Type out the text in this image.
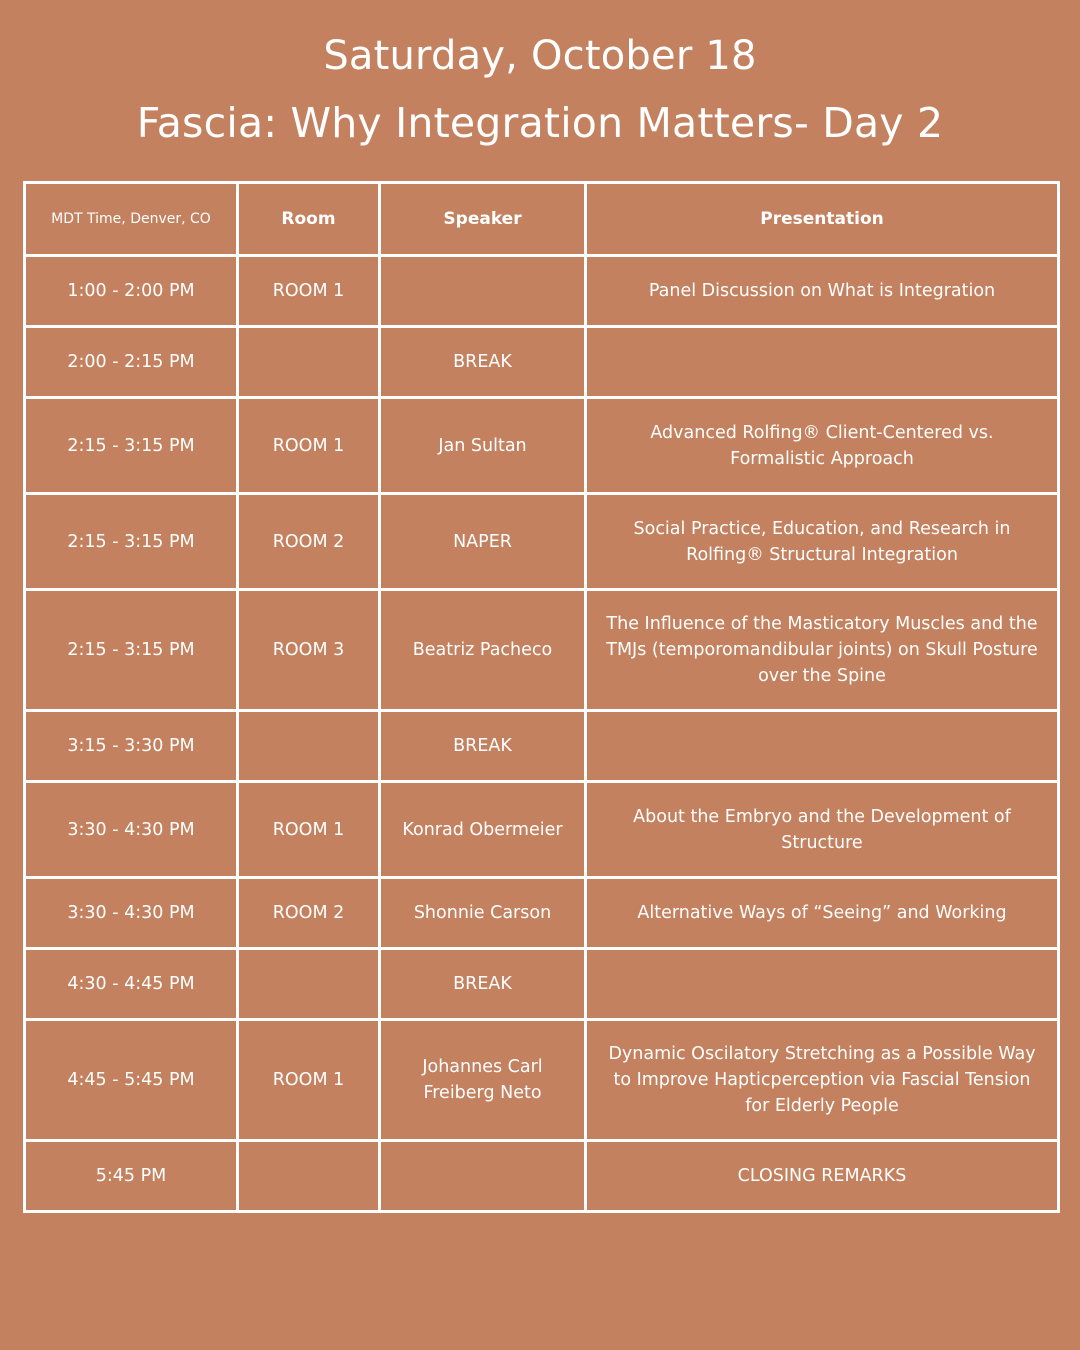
Saturday, October 18
Fascia: Why Integration Matters- Day 2
MDT Time, Denver, CO	Room	Speaker	Presentation
1:00 - 2:00 PM	ROOM 1		Panel Discussion on What is Integration
2:00 - 2:15 PM		BREAK	
2:15 - 3:15 PM	ROOM 1	Jan Sultan	Advanced Rolfing® Client-Centered vs. Formalistic Approach
2:15 - 3:15 PM	ROOM 2	NAPER	Social Practice, Education, and Research in Rolfing® Structural Integration
2:15 - 3:15 PM	ROOM 3	Beatriz Pacheco	The Influence of the Masticatory Muscles and the TMJs (temporomandibular joints) on Skull Posture over the Spine
3:15 - 3:30 PM		BREAK	
3:30 - 4:30 PM	ROOM 1	Konrad Obermeier	About the Embryo and the Development of Structure
3:30 - 4:30 PM	ROOM 2	Shonnie Carson	Alternative Ways of “Seeing” and Working
4:30 - 4:45 PM		BREAK	
4:45 - 5:45 PM	ROOM 1	Johannes Carl Freiberg Neto	Dynamic Oscilatory Stretching as a Possible Way to Improve Hapticperception via Fascial Tension for Elderly People
5:45 PM			CLOSING REMARKS
